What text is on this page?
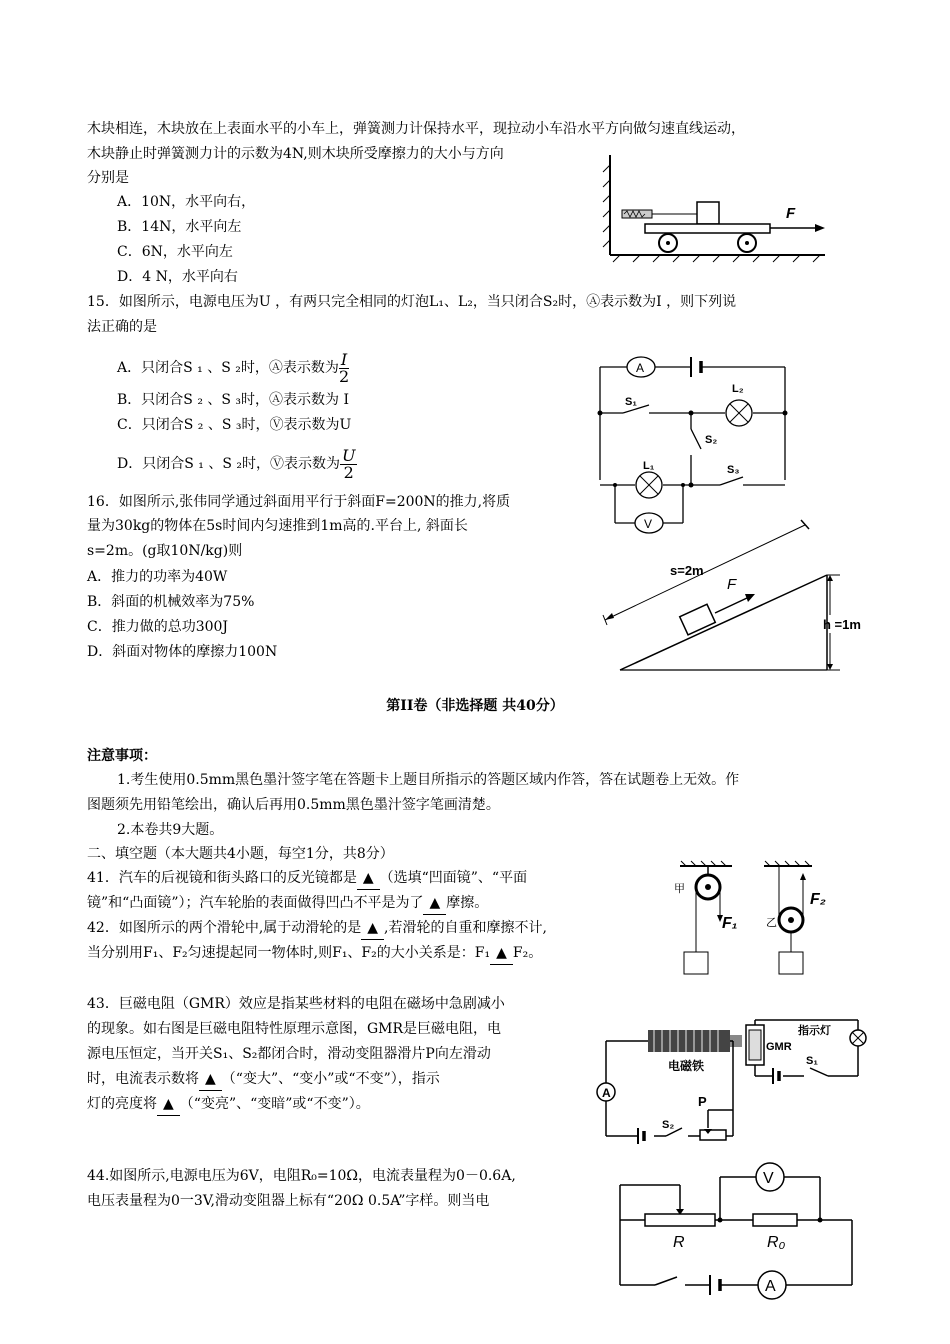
木块相连，木块放在上表面水平的小车上，弹簧测力计保持水平，现拉动小车沿水平方向做匀速直线运动，
木块静止时弹簧测力计的示数为4N,则木块所受摩擦力的大小与方向
分别是
A．10N，水平向右，
B．14N，水平向左
C．6N，水平向左
D．4 N，水平向右
F
15．如图所示，电源电压为U ，有两只完全相同的灯泡L₁、L₂，当只闭合S₂时，Ⓐ表示数为I ，则下列说
法正确的是
A．只闭合S ₁ 、S ₂时，Ⓐ表示数为 $\frac{I}{2}$
B．只闭合S ₂ 、S ₃时，Ⓐ表示数为 I
C．只闭合S ₂ 、S ₃时，Ⓥ表示数为U
D．只闭合S ₁ 、S ₂时，Ⓥ表示数为 $\frac{U}{2}$
A
L₂
L₁
V
S₁
S₂
S₃
16．如图所示,张伟同学通过斜面用平行于斜面F=200N的推力,将质
量为30kg的物体在5s时间内匀速推到1m高的.平台上, 斜面长
s=2m。(g取10N/kg)则
A．推力的功率为40W
B．斜面的机械效率为75%
C．推力做的总功300J
D．斜面对物体的摩擦力100N
h =1m
s=2m
F
第II卷（非选择题 共40分）
注意事项：
1.考生使用0.5mm黑色墨汁签字笔在答题卡上题目所指示的答题区域内作答，答在试题卷上无效。作
图题须先用铅笔绘出，确认后再用0.5mm黑色墨汁签字笔画清楚。
2.本卷共9大题。
二、填空题（本大题共4小题，每空1分，共8分）
41．汽车的后视镜和街头路口的反光镜都是 ▲ （选填“凹面镜”、“平面
镜”和“凸面镜”）；汽车轮胎的表面做得凹凸不平是为了 ▲ 摩擦。
42．如图所示的两个滑轮中,属于动滑轮的是 ▲ ,若滑轮的自重和摩擦不计,
当分别用F₁、F₂匀速提起同一物体时,则F₁、F₂的大小关系是：F₁ ▲ F₂。
F₁
甲
F₂
乙
43．巨磁电阻（GMR）效应是指某些材料的电阻在磁场中急剧减小
的现象。如右图是巨磁电阻特性原理示意图，GMR是巨磁电阻，电
源电压恒定，当开关S₁、S₂都闭合时，滑动变阻器滑片P向左滑动
时，电流表示数将 ▲ （“变大”、“变小”或“不变”），指示
灯的亮度将 ▲ （“变亮”、“变暗”或“不变”）。
电磁铁
P
S₂
A
GMR
S₁
指示灯
44.如图所示,电源电压为6V，电阻R₀=10Ω，电流表量程为0－0.6A,
电压表量程为0一3V,滑动变阻器上标有“20Ω 0.5A”字样。则当电
R	R₀
V
A
